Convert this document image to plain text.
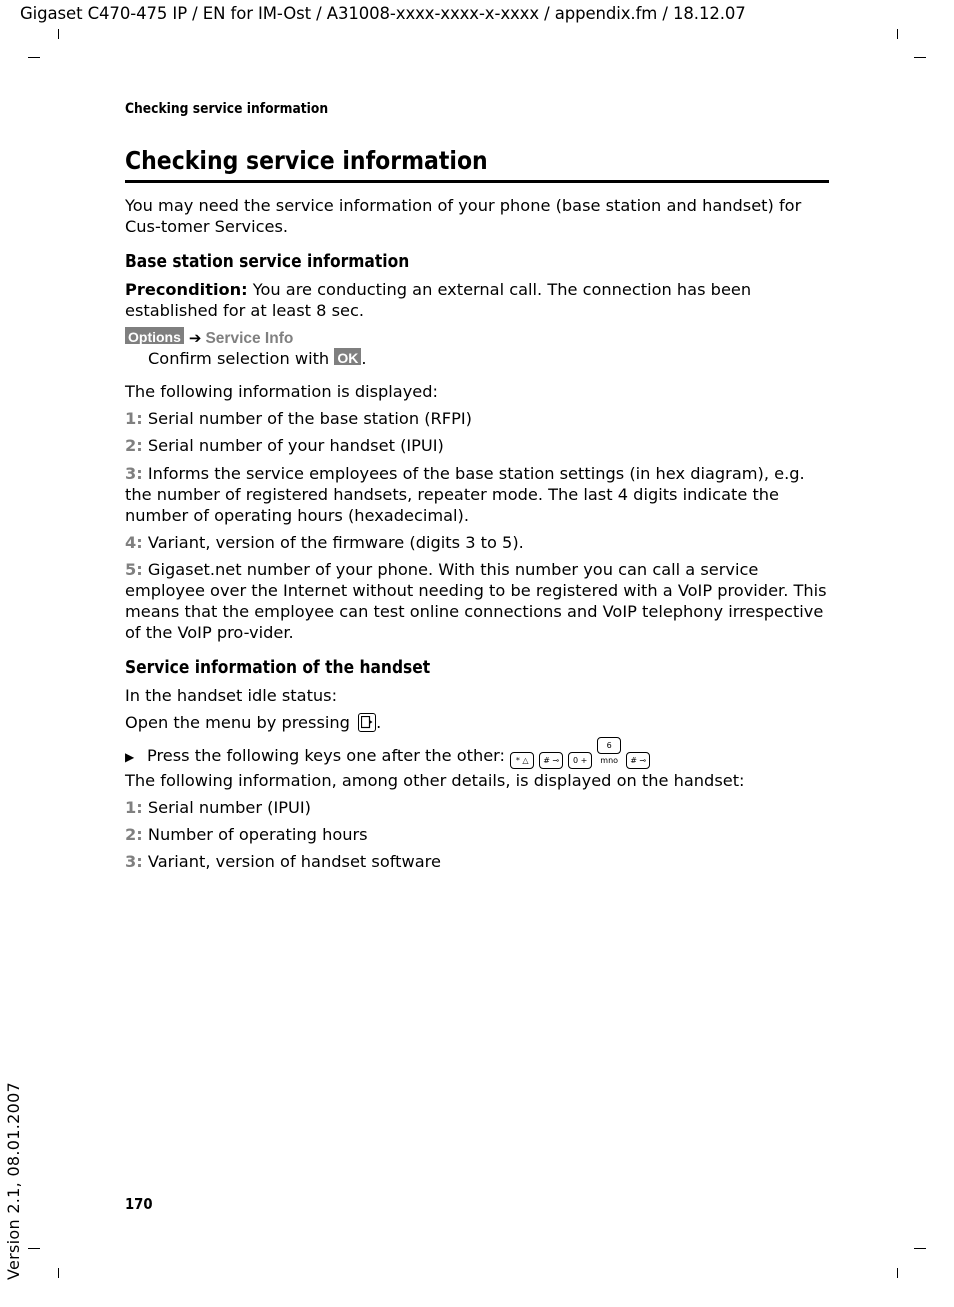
Gigaset C470-475 IP / EN for IM-Ost / A31008-xxxx-xxxx-x-xxxx / appendix.fm / 18.12.07
Checking service information
Checking service information

You may need the service information of your phone (base station and handset) for Cus-tomer Services.

Base station service information

Precondition: You are conducting an external call. The connection has been established for at least 8 sec.

Options ➔ Service Info

Confirm selection with OK .

The following information is displayed:

1: Serial number of the base station (RFPI)

2: Serial number of your handset (IPUI)

3: Informs the service employees of the base station settings (in hex diagram), e.g. the number of registered handsets, repeater mode. The last 4 digits indicate the number of operating hours (hexadecimal).

4: Variant, version of the firmware (digits 3 to 5).

5: Gigaset.net number of your phone. With this number you can call a service employee over the Internet without needing to be registered with a VoIP provider. This means that the employee can test online connections and VoIP telephony irrespective of the VoIP pro-vider.

Service information of the handset

In the handset idle status:

Open the menu by pressing .

▶ Press the following keys one after the other: * △ # ⊸ 0 +6 mno # ⊸

The following information, among other details, is displayed on the handset:

1: Serial number (IPUI)

2: Number of operating hours

3: Variant, version of handset software

170
Version 2.1, 08.01.2007
